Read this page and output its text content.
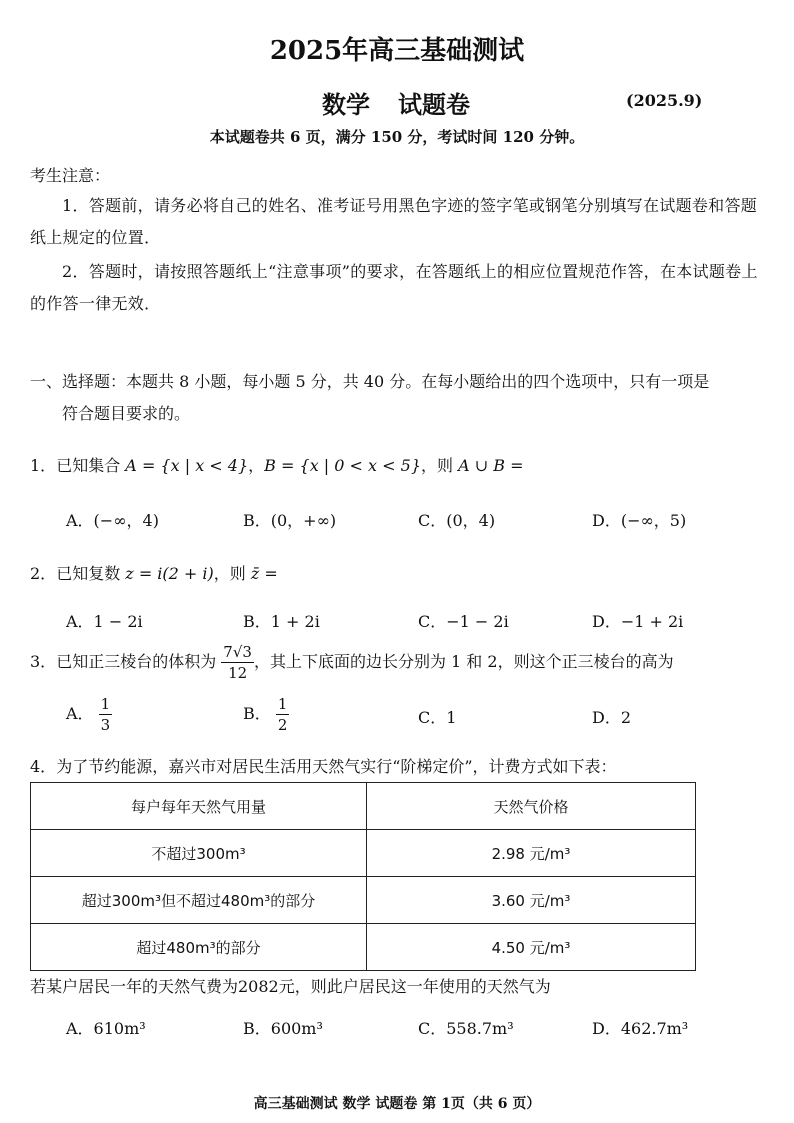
2025年高三基础测试
数学 试题卷	(2025.9)
本试题卷共 6 页，满分 150 分，考试时间 120 分钟。
考生注意：
1．答题前，请务必将自己的姓名、准考证号用黑色字迹的签字笔或钢笔分别填写在试题卷和答题纸上规定的位置．
2．答题时，请按照答题纸上“注意事项”的要求，在答题纸上的相应位置规范作答，在本试题卷上的作答一律无效．
一、选择题：本题共 8 小题，每小题 5 分，共 40 分。在每小题给出的四个选项中，只有一项是
符合题目要求的。
1．已知集合 A = {x | x < 4}，B = {x | 0 < x < 5}，则 A ∪ B =
A．(−∞，4)	B．(0，+∞)	C．(0，4)	D．(−∞，5)
2．已知复数 z = i(2 + i)，则 z̄ =
A．1 − 2i	B．1 + 2i	C．−1 − 2i	D．−1 + 2i
3．已知正三棱台的体积为 $\frac{7√3}{12}$ ，其上下底面的边长分别为 1 和 2，则这个正三棱台的高为
A． $\frac{1}{3}$	B． $\frac{1}{2}$	C．1	D．2
4．为了节约能源，嘉兴市对居民生活用天然气实行“阶梯定价”，计费方式如下表：
每户每年天然气用量	天然气价格
不超过300m³	2.98 元/m³
超过300m³但不超过480m³的部分	3.60 元/m³
超过480m³的部分	4.50 元/m³
若某户居民一年的天然气费为2082元，则此户居民这一年使用的天然气为
A．610m³	B．600m³	C．558.7m³	D．462.7m³
高三基础测试 数学 试题卷 第 1页（共 6 页）
